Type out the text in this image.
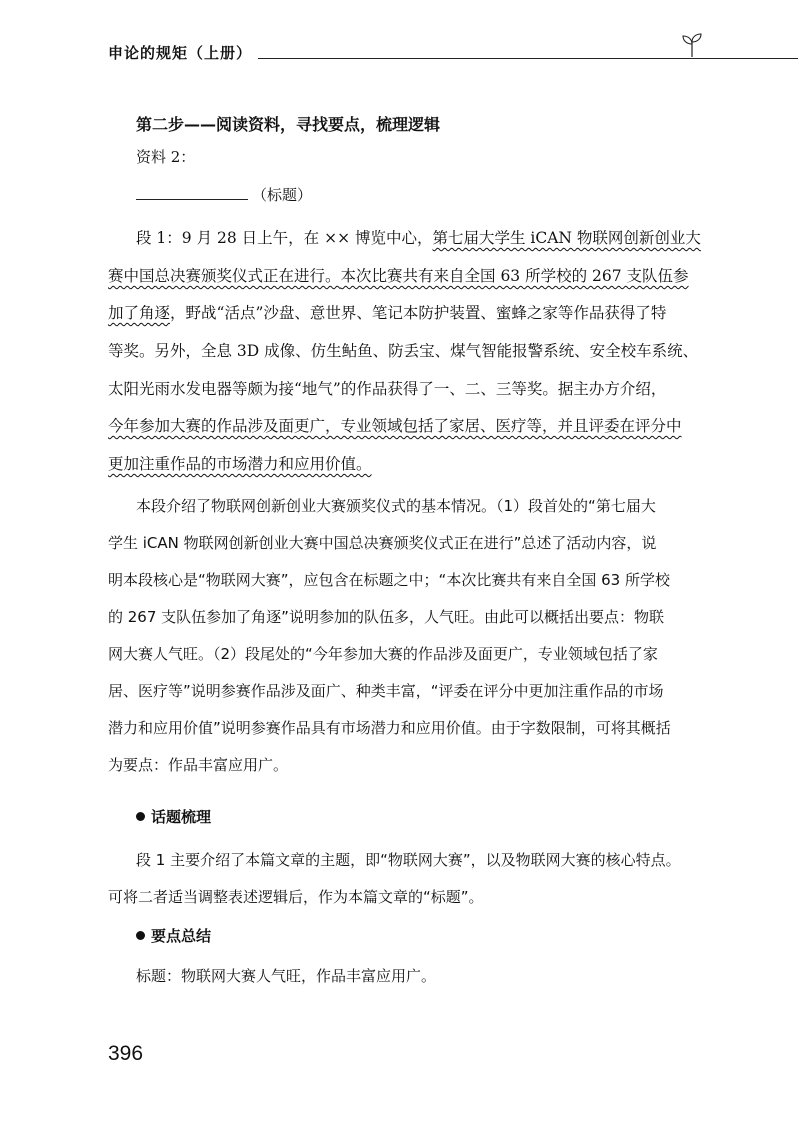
申论的规矩（上册）
第二步——阅读资料，寻找要点，梳理逻辑
资料 2：
（标题）
段 1：9 月 28 日上午，在 ×× 博览中心，第七届大学生 iCAN 物联网创新创业大
赛中国总决赛颁奖仪式正在进行。本次比赛共有来自全国 63 所学校的 267 支队伍参
加了角逐，野战“活点”沙盘、意世界、笔记本防护装置、蜜蜂之家等作品获得了特
等奖。另外，全息 3D 成像、仿生鲇鱼、防丢宝、煤气智能报警系统、安全校车系统、
太阳光雨水发电器等颇为接“地气”的作品获得了一、二、三等奖。据主办方介绍，
今年参加大赛的作品涉及面更广，专业领域包括了家居、医疗等，并且评委在评分中
更加注重作品的市场潜力和应用价值。
本段介绍了物联网创新创业大赛颁奖仪式的基本情况。（1）段首处的“第七届大
学生 iCAN 物联网创新创业大赛中国总决赛颁奖仪式正在进行”总述了活动内容，说
明本段核心是“物联网大赛”，应包含在标题之中；“本次比赛共有来自全国 63 所学校
的 267 支队伍参加了角逐”说明参加的队伍多，人气旺。由此可以概括出要点：物联
网大赛人气旺。（2）段尾处的“今年参加大赛的作品涉及面更广，专业领域包括了家
居、医疗等”说明参赛作品涉及面广、种类丰富，“评委在评分中更加注重作品的市场
潜力和应用价值”说明参赛作品具有市场潜力和应用价值。由于字数限制，可将其概括
为要点：作品丰富应用广。
话题梳理
段 1 主要介绍了本篇文章的主题，即“物联网大赛”，以及物联网大赛的核心特点。
可将二者适当调整表述逻辑后，作为本篇文章的“标题”。
要点总结
标题：物联网大赛人气旺，作品丰富应用广。
396
